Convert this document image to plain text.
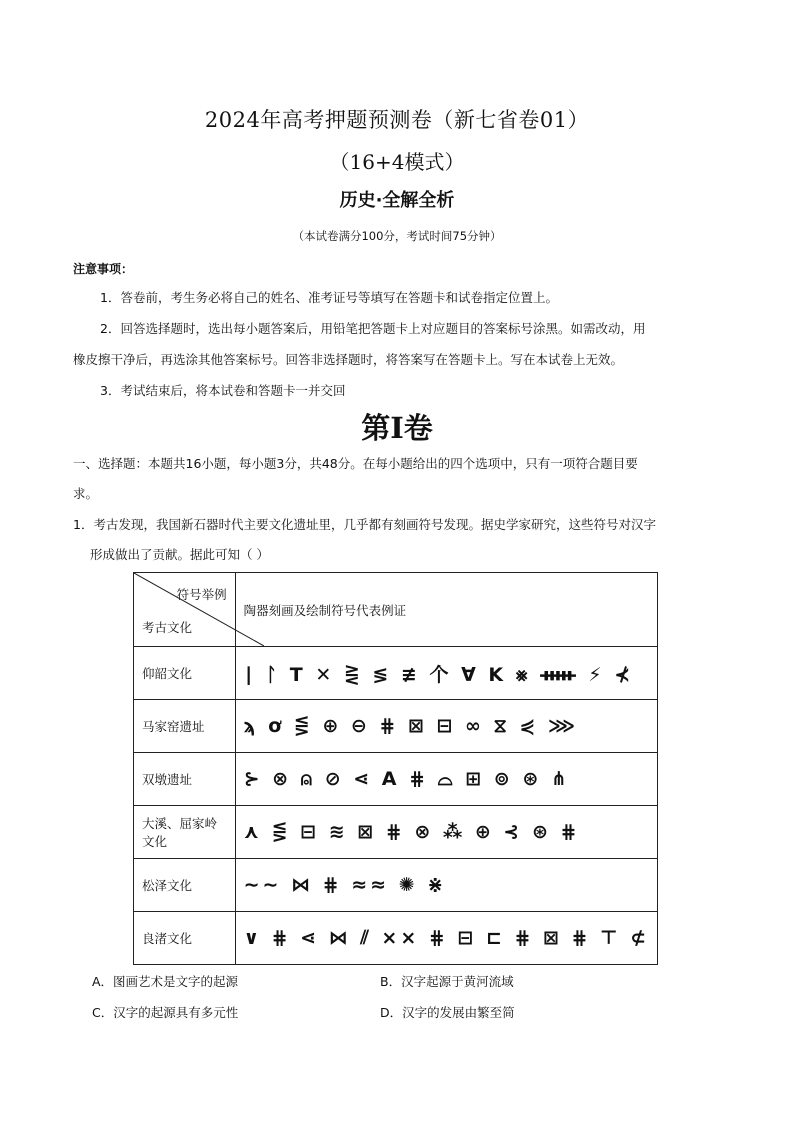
2024年高考押题预测卷（新七省卷01）
（16+4模式）
历史·全解全析
（本试卷满分100分，考试时间75分钟）
注意事项：
1．答卷前，考生务必将自己的姓名、准考证号等填写在答题卡和试卷指定位置上。
2．回答选择题时，选出每小题答案后，用铅笔把答题卡上对应题目的答案标号涂黑。如需改动，用
橡皮擦干净后，再选涂其他答案标号。回答非选择题时，将答案写在答题卡上。写在本试卷上无效。
3．考试结束后，将本试卷和答题卡一并交回
第Ⅰ卷
一、选择题：本题共16小题，每小题3分，共48分。在每小题给出的四个选项中，只有一项符合题目要
求。
1．考古发现，我国新石器时代主要文化遗址里，几乎都有刻画符号发现。据史学家研究，这些符号对汉字
形成做出了贡献。据此可知（ ）
符号举例
考古文化	陶器刻画及绘制符号代表例证
仰韶文化	∣ ᛚ T ✕ ⋛ ≶ ≢ 个 ∀ K ⨳ ᚔ ⚡ ⊀
马家窑遗址	ϡ ơ ⋚ ⊕ ⊖ ⋕ ⊠ ⊟ ∞ ⧖ ⋞ ⋙
双墩遗址	⊱ ⊗ ⍝ ⊘ ⋖ A ⋕ ⌓ ⊞ ⊚ ⊛ ⋔
大溪、屈家岭文化	⋏ ⋚ ⊟ ≋ ⊠ ⋕ ⊗ ⁂ ⊕ ⊰ ⊛ ⋕
松泽文化	∼∼ ⋈ ⋕ ≈≈ ✺ ⋇
良渚文化	∨ ⋕ ⋖ ⋈ ⫽ ⨯⨯ ⋕ ⊟ ⊏ ⋕ ⊠ ⋕ ⊤ ⊄
A．图画艺术是文字的起源	B．汉字起源于黄河流域
C．汉字的起源具有多元性	D．汉字的发展由繁至简
